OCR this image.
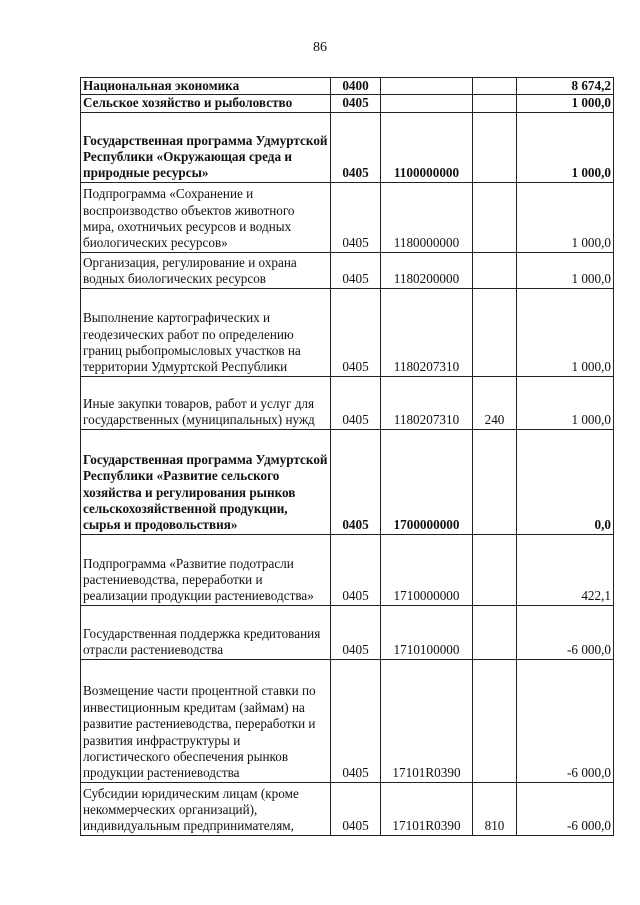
86
Национальная экономика	0400			8 674,2
Сельское хозяйство и рыболовство	0405			1 000,0
Государственная программа Удмуртской Республики «Окружающая среда и природные ресурсы»	0405	1100000000		1 000,0
Подпрограмма «Сохранение и воспроизводство объектов животного мира, охотничьих ресурсов и водных биологических ресурсов»	0405	1180000000		1 000,0
Организация, регулирование и охрана водных биологических ресурсов	0405	1180200000		1 000,0
Выполнение картографических и геодезических работ по определению границ рыбопромысловых участков на территории Удмуртской Республики	0405	1180207310		1 000,0
Иные закупки товаров, работ и услуг для государственных (муниципальных) нужд	0405	1180207310	240	1 000,0
Государственная программа Удмуртской Республики «Развитие сельского хозяйства и регулирования рынков сельскохозяйственной продукции, сырья и продовольствия»	0405	1700000000		0,0
Подпрограмма «Развитие подотрасли растениеводства, переработки и реализации продукции растениеводства»	0405	1710000000		422,1
Государственная поддержка кредитования отрасли растениеводства	0405	1710100000		-6 000,0
Возмещение части процентной ставки по инвестиционным кредитам (займам) на развитие растениеводства, переработки и развития инфраструктуры и логистического обеспечения рынков продукции растениеводства	0405	17101R0390		-6 000,0
Субсидии юридическим лицам (кроме некоммерческих организаций), индивидуальным предпринимателям,	0405	17101R0390	810	-6 000,0
